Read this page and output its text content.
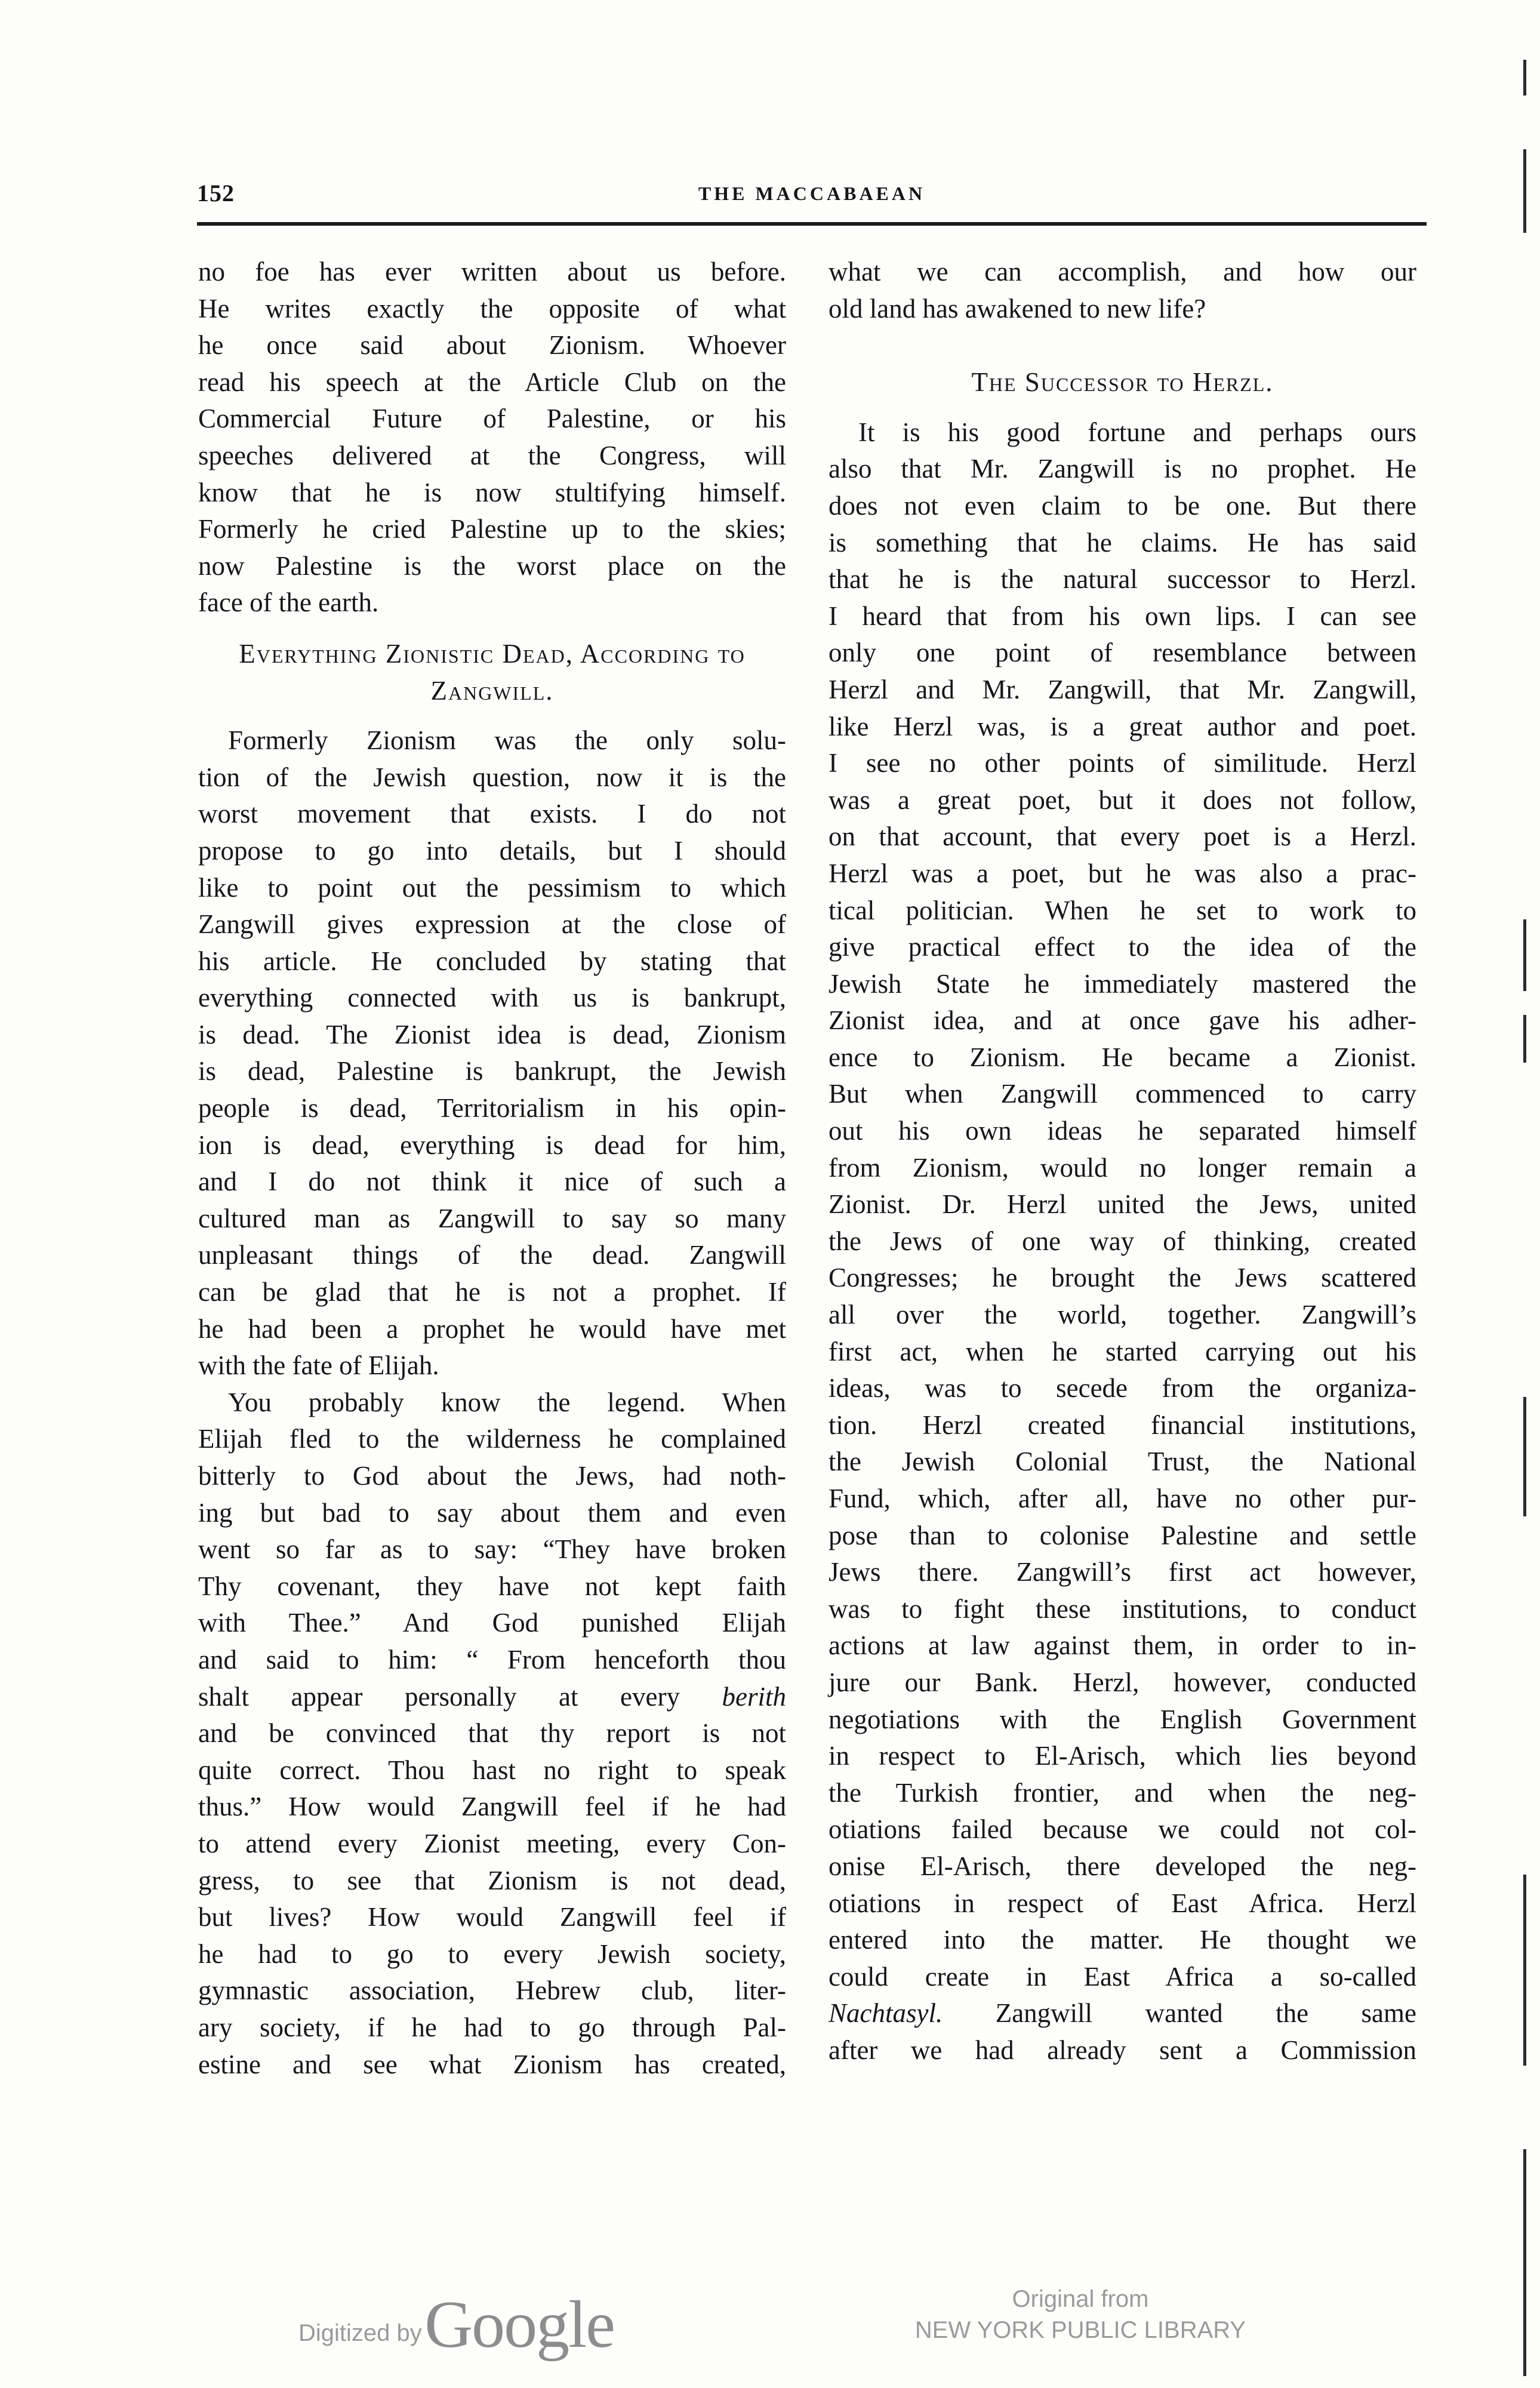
152	THE MACCABAEAN

no foe has ever written about us before.

He writes exactly the opposite of what

he once said about Zionism. Whoever

read his speech at the Article Club on the

Commercial Future of Palestine, or his

speeches delivered at the Congress, will

know that he is now stultifying himself.

Formerly he cried Palestine up to the skies;

now Palestine is the worst place on the

face of the earth.

Everything Zionistic Dead, According to
Zangwill.

Formerly Zionism was the only solu-

tion of the Jewish question, now it is the

worst movement that exists. I do not

propose to go into details, but I should

like to point out the pessimism to which

Zangwill gives expression at the close of

his article. He concluded by stating that

everything connected with us is bankrupt,

is dead. The Zionist idea is dead, Zionism

is dead, Palestine is bankrupt, the Jewish

people is dead, Territorialism in his opin-

ion is dead, everything is dead for him,

and I do not think it nice of such a

cultured man as Zangwill to say so many

unpleasant things of the dead. Zangwill

can be glad that he is not a prophet. If

he had been a prophet he would have met

with the fate of Elijah.

You probably know the legend. When

Elijah fled to the wilderness he complained

bitterly to God about the Jews, had noth-

ing but bad to say about them and even

went so far as to say: “They have broken

Thy covenant, they have not kept faith

with Thee.” And God punished Elijah

and said to him: “ From henceforth thou

shalt appear personally at every berith

and be convinced that thy report is not

quite correct. Thou hast no right to speak

thus.” How would Zangwill feel if he had

to attend every Zionist meeting, every Con-

gress, to see that Zionism is not dead,

but lives? How would Zangwill feel if

he had to go to every Jewish society,

gymnastic association, Hebrew club, liter-

ary society, if he had to go through Pal-

estine and see what Zionism has created,

what we can accomplish, and how our

old land has awakened to new life?

The Successor to Herzl.

It is his good fortune and perhaps ours

also that Mr. Zangwill is no prophet. He

does not even claim to be one. But there

is something that he claims. He has said

that he is the natural successor to Herzl.

I heard that from his own lips. I can see

only one point of resemblance between

Herzl and Mr. Zangwill, that Mr. Zangwill,

like Herzl was, is a great author and poet.

I see no other points of similitude. Herzl

was a great poet, but it does not follow,

on that account, that every poet is a Herzl.

Herzl was a poet, but he was also a prac-

tical politician. When he set to work to

give practical effect to the idea of the

Jewish State he immediately mastered the

Zionist idea, and at once gave his adher-

ence to Zionism. He became a Zionist.

But when Zangwill commenced to carry

out his own ideas he separated himself

from Zionism, would no longer remain a

Zionist. Dr. Herzl united the Jews, united

the Jews of one way of thinking, created

Congresses; he brought the Jews scattered

all over the world, together. Zangwill’s

first act, when he started carrying out his

ideas, was to secede from the organiza-

tion. Herzl created financial institutions,

the Jewish Colonial Trust, the National

Fund, which, after all, have no other pur-

pose than to colonise Palestine and settle

Jews there. Zangwill’s first act however,

was to fight these institutions, to conduct

actions at law against them, in order to in-

jure our Bank. Herzl, however, conducted

negotiations with the English Government

in respect to El-Arisch, which lies beyond

the Turkish frontier, and when the neg-

otiations failed because we could not col-

onise El-Arisch, there developed the neg-

otiations in respect of East Africa. Herzl

entered into the matter. He thought we

could create in East Africa a so-called

Nachtasyl. Zangwill wanted the same

after we had already sent a Commission

Digitized by Google	Original from
NEW YORK PUBLIC LIBRARY
